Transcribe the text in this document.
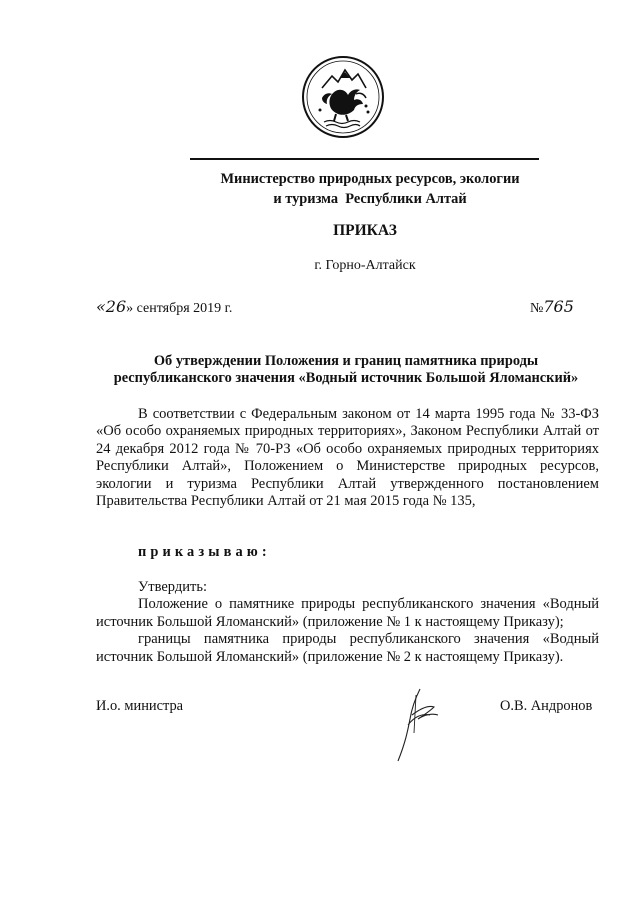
Министерство природных ресурсов, экологии
и туризма  Республики Алтай
ПРИКАЗ
г. Горно-Алтайск
«26» сентября 2019 г.	№765
Об утверждении Положения и границ памятника природы
республиканского значения «Водный источник Большой Яломанский»

В соответствии с Федеральным законом от 14 марта 1995 года № 33-ФЗ «Об особо охраняемых природных территориях», Законом Республики Алтай от 24 декабря 2012 года № 70-РЗ «Об особо охраняемых природных территориях Республики Алтай», Положением о Министерстве природных ресурсов, экологии и туризма Республики Алтай утвержденного постановлением Правительства Республики Алтай от 21 мая 2015 года № 135,

приказываю:

Утвердить:

Положение о памятнике природы республиканского значения «Водный источник Большой Яломанский» (приложение № 1 к настоящему Приказу);

границы памятника природы республиканского значения «Водный источник Большой Яломанский» (приложение № 2 к настоящему Приказу).

И.о. министра	О.В. Андронов
